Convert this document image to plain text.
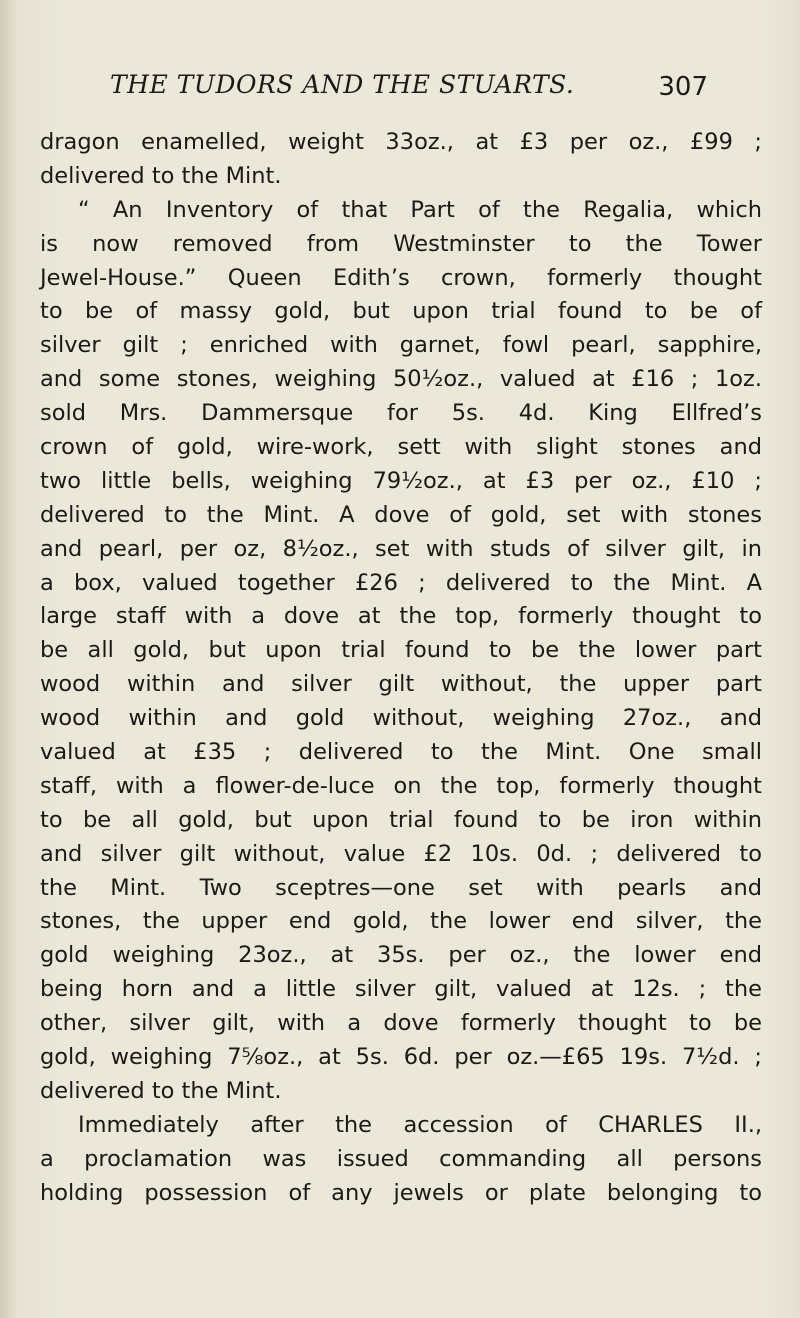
THE TUDORS AND THE STUARTS.	307
dragon enamelled, weight 33oz., at £3 per oz., £99 ;
delivered to the Mint.
“ An Inventory of that Part of the Regalia, which
is now removed from Westminster to the Tower
Jewel-House.” Queen Edith’s crown, formerly thought
to be of massy gold, but upon trial found to be of
silver gilt ; enriched with garnet, fowl pearl, sapphire,
and some stones, weighing 50½oz., valued at £16 ; 1oz.
sold Mrs. Dammersque for 5s. 4d. King Ellfred’s
crown of gold, wire-work, sett with slight stones and
two little bells, weighing 79½oz., at £3 per oz., £10 ;
delivered to the Mint. A dove of gold, set with stones
and pearl, per oz, 8½oz., set with studs of silver gilt, in
a box, valued together £26 ; delivered to the Mint. A
large staff with a dove at the top, formerly thought to
be all gold, but upon trial found to be the lower part
wood within and silver gilt without, the upper part
wood within and gold without, weighing 27oz., and
valued at £35 ; delivered to the Mint. One small
staff, with a flower-de-luce on the top, formerly thought
to be all gold, but upon trial found to be iron within
and silver gilt without, value £2 10s. 0d. ; delivered to
the Mint. Two sceptres—one set with pearls and
stones, the upper end gold, the lower end silver, the
gold weighing 23oz., at 35s. per oz., the lower end
being horn and a little silver gilt, valued at 12s. ; the
other, silver gilt, with a dove formerly thought to be
gold, weighing 7⅝oz., at 5s. 6d. per oz.—£65 19s. 7½d. ;
delivered to the Mint.
Immediately after the accession of CHARLES II.,
a proclamation was issued commanding all persons
holding possession of any jewels or plate belonging to
